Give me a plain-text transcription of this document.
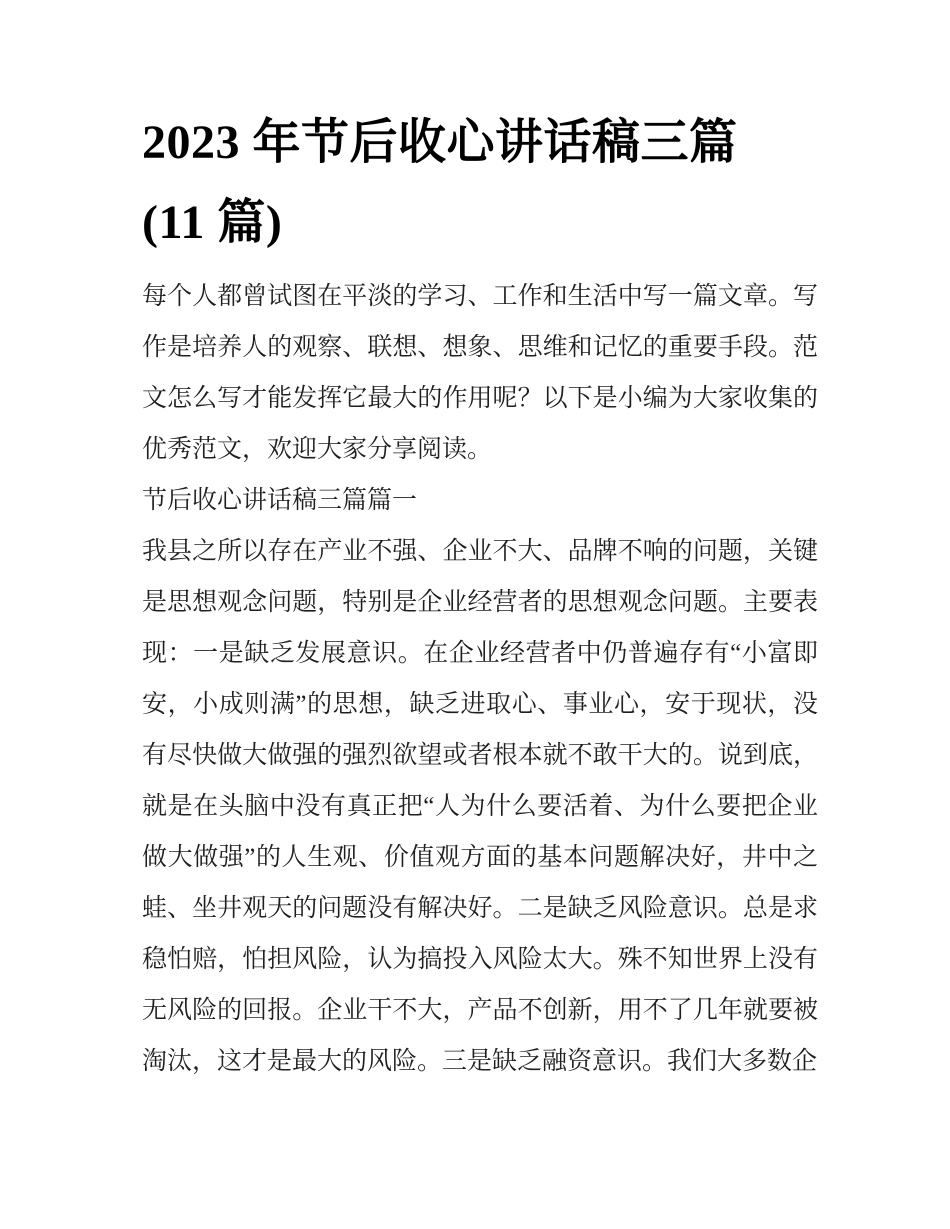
2023 年节后收心讲话稿三篇
(11 篇)

每个人都曾试图在平淡的学习、工作和生活中写一篇文章。写作是培养人的观察、联想、想象、思维和记忆的重要手段。范文怎么写才能发挥它最大的作用呢？以下是小编为大家收集的优秀范文，欢迎大家分享阅读。

节后收心讲话稿三篇篇一

我县之所以存在产业不强、企业不大、品牌不响的问题，关键是思想观念问题，特别是企业经营者的思想观念问题。主要表现：一是缺乏发展意识。在企业经营者中仍普遍存有“小富即安，小成则满”的思想，缺乏进取心、事业心，安于现状，没有尽快做大做强的强烈欲望或者根本就不敢干大的。说到底，就是在头脑中没有真正把“人为什么要活着、为什么要把企业做大做强”的人生观、价值观方面的基本问题解决好，井中之蛙、坐井观天的问题没有解决好。二是缺乏风险意识。总是求稳怕赔，怕担风险，认为搞投入风险太大。殊不知世界上没有无风险的回报。企业干不大，产品不创新，用不了几年就要被淘汰，这才是最大的风险。三是缺乏融资意识。我们大多数企
